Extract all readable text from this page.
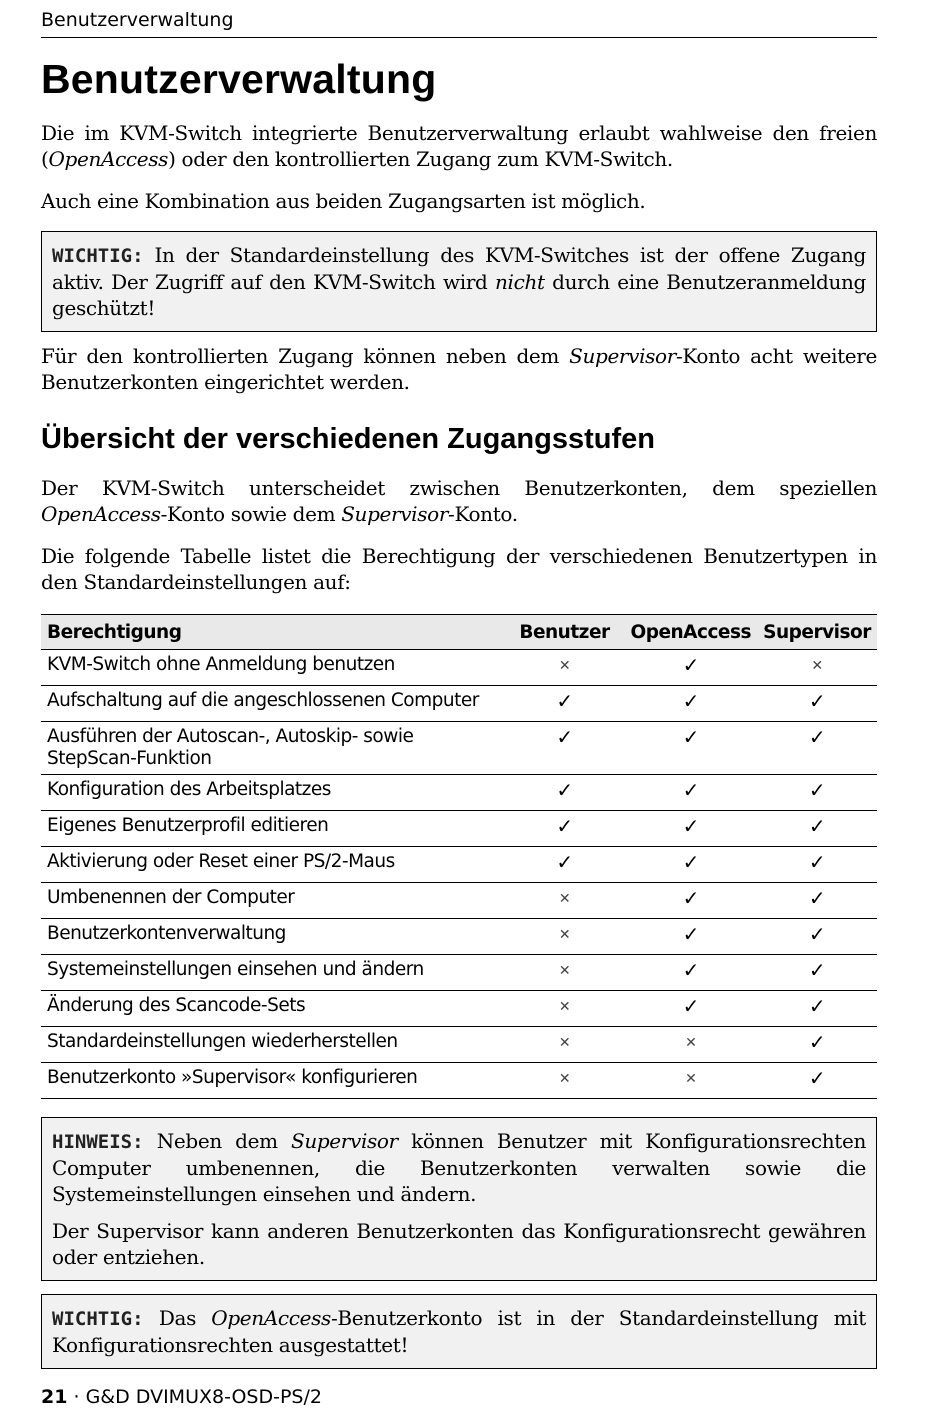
Benutzerverwaltung
Benutzerverwaltung

Die im KVM-Switch integrierte Benutzerverwaltung erlaubt wahlweise den freien (OpenAccess) oder den kontrollierten Zugang zum KVM-Switch.

Auch eine Kombination aus beiden Zugangsarten ist möglich.

WICHTIG: In der Standardeinstellung des KVM-Switches ist der offene Zugang aktiv. Der Zugriff auf den KVM-Switch wird nicht durch eine Benutzeranmeldung geschützt!

Für den kontrollierten Zugang können neben dem Supervisor-Konto acht weitere Benutzerkonten eingerichtet werden.

Übersicht der verschiedenen Zugangsstufen

Der KVM-Switch unterscheidet zwischen Benutzerkonten, dem speziellen OpenAccess-Konto sowie dem Supervisor-Konto.

Die folgende Tabelle listet die Berechtigung der verschiedenen Benutzertypen in den Standardeinstellungen auf:

Berechtigung	Benutzer	OpenAccess	Supervisor
KVM-Switch ohne Anmeldung benutzen	✕	✓	✕
Aufschaltung auf die angeschlossenen Computer	✓	✓	✓
Ausführen der Autoscan-, Autoskip- sowie StepScan-Funktion	✓	✓	✓
Konfiguration des Arbeitsplatzes	✓	✓	✓
Eigenes Benutzerprofil editieren	✓	✓	✓
Aktivierung oder Reset einer PS/2-Maus	✓	✓	✓
Umbenennen der Computer	✕	✓	✓
Benutzerkontenverwaltung	✕	✓	✓
Systemeinstellungen einsehen und ändern	✕	✓	✓
Änderung des Scancode-Sets	✕	✓	✓
Standardeinstellungen wiederherstellen	✕	✕	✓
Benutzerkonto »Supervisor« konfigurieren	✕	✕	✓

HINWEIS: Neben dem Supervisor können Benutzer mit Konfigurationsrechten Computer umbenennen, die Benutzerkonten verwalten sowie die Systemeinstellungen einsehen und ändern.

Der Supervisor kann anderen Benutzerkonten das Konfigurationsrecht gewähren oder entziehen.

WICHTIG: Das OpenAccess-Benutzerkonto ist in der Standardeinstellung mit Konfigurationsrechten ausgestattet!

21 · G&D DVIMUX8-OSD-PS/2
